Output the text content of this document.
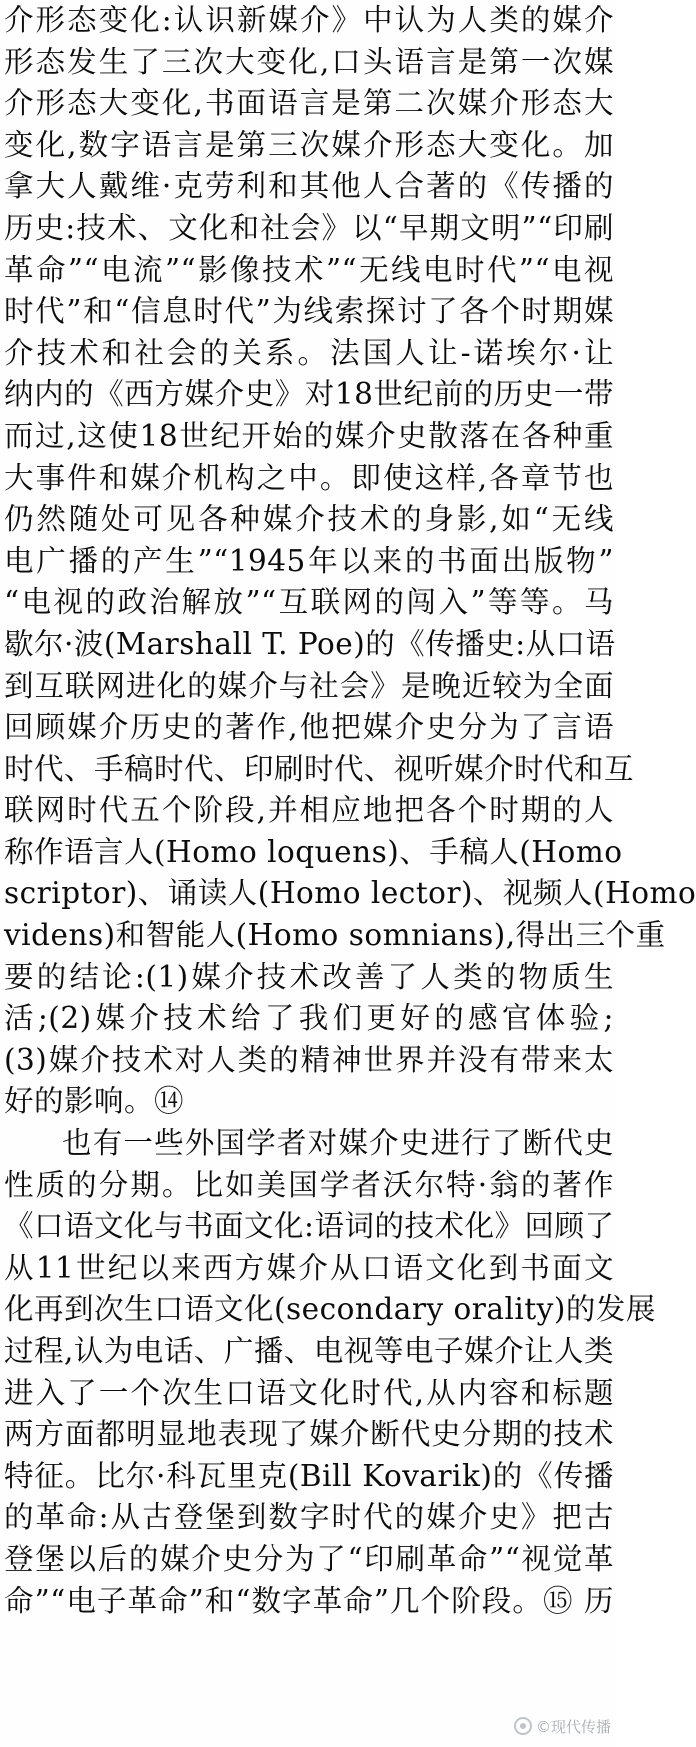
介形态变化:认识新媒介》中认为人类的媒介
形态发生了三次大变化,口头语言是第一次媒
介形态大变化,书面语言是第二次媒介形态大
变化,数字语言是第三次媒介形态大变化。加
拿大人戴维·克劳利和其他人合著的《传播的
历史:技术、文化和社会》以“早期文明”“印刷
革命”“电流”“影像技术”“无线电时代”“电视
时代”和“信息时代”为线索探讨了各个时期媒
介技术和社会的关系。法国人让-诺埃尔·让
纳内的《西方媒介史》对18世纪前的历史一带
而过,这使18世纪开始的媒介史散落在各种重
大事件和媒介机构之中。即使这样,各章节也
仍然随处可见各种媒介技术的身影,如“无线
电广播的产生”“1945年以来的书面出版物”
“电视的政治解放”“互联网的闯入”等等。马
歇尔·波(Marshall T. Poe)的《传播史:从口语
到互联网进化的媒介与社会》是晚近较为全面
回顾媒介历史的著作,他把媒介史分为了言语
时代、手稿时代、印刷时代、视听媒介时代和互
联网时代五个阶段,并相应地把各个时期的人
称作语言人(Homo loquens)、手稿人(Homo
scriptor)、诵读人(Homo lector)、视频人(Homo
videns)和智能人(Homo somnians),得出三个重
要的结论:(1)媒介技术改善了人类的物质生
活;(2)媒介技术给了我们更好的感官体验;
(3)媒介技术对人类的精神世界并没有带来太
好的影响。⑭
也有一些外国学者对媒介史进行了断代史
性质的分期。比如美国学者沃尔特·翁的著作
《口语文化与书面文化:语词的技术化》回顾了
从11世纪以来西方媒介从口语文化到书面文
化再到次生口语文化(secondary orality)的发展
过程,认为电话、广播、电视等电子媒介让人类
进入了一个次生口语文化时代,从内容和标题
两方面都明显地表现了媒介断代史分期的技术
特征。比尔·科瓦里克(Bill Kovarik)的《传播
的革命:从古登堡到数字时代的媒介史》把古
登堡以后的媒介史分为了“印刷革命”“视觉革
命”“电子革命”和“数字革命”几个阶段。⑮ 历
©现代传播
